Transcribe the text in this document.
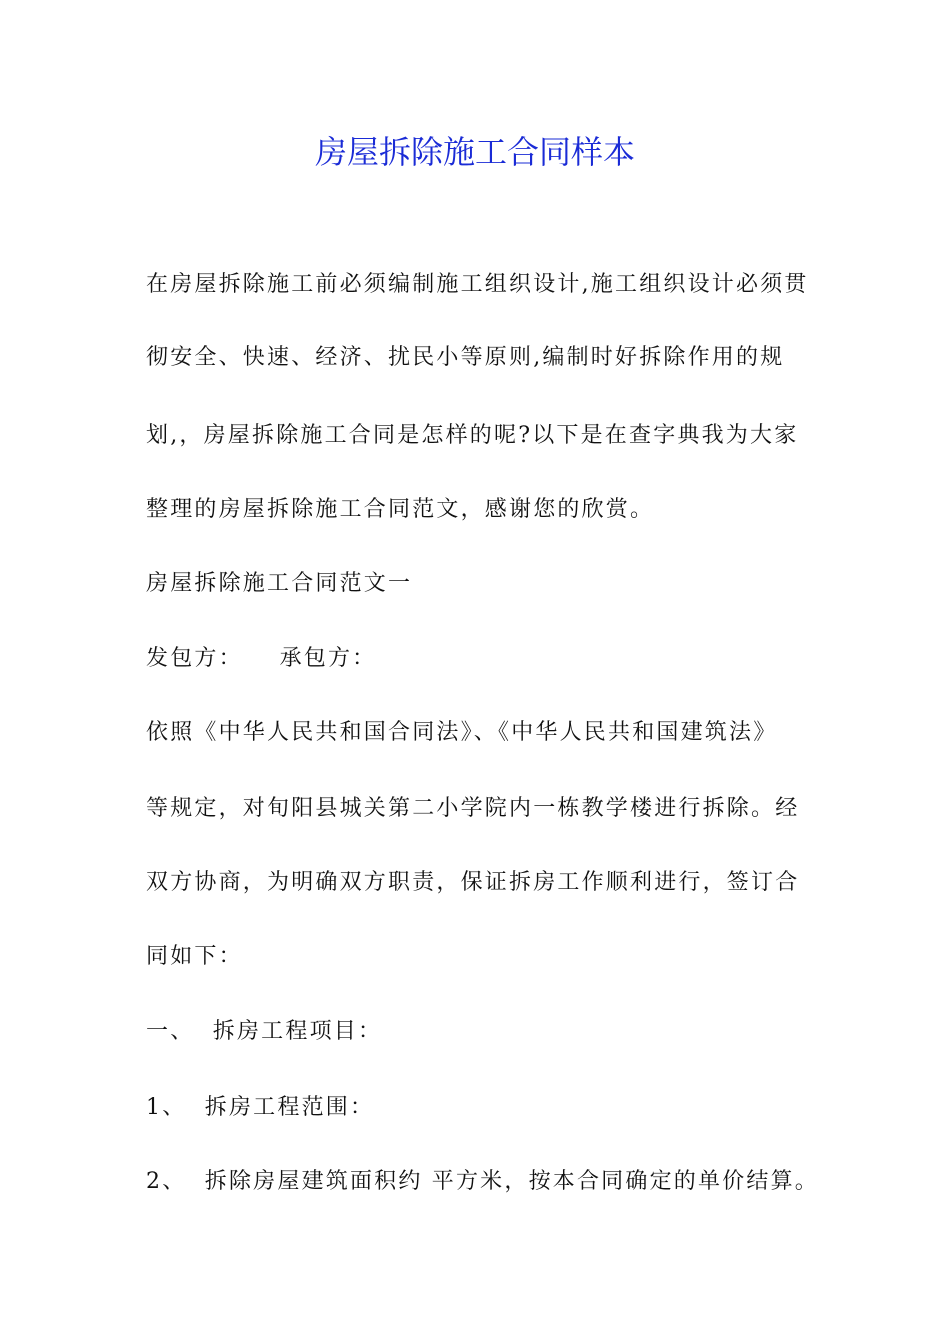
房屋拆除施工合同样本
在房屋拆除施工前必须编制施工组织设计,施工组织设计必须贯
彻安全、快速、经济、扰民小等原则,编制时好拆除作用的规
划,，房屋拆除施工合同是怎样的呢?以下是在查字典我为大家
整理的房屋拆除施工合同范文，感谢您的欣赏。
房屋拆除施工合同范文一
发包方：    承包方：
依照《中华人民共和国合同法》、《中华人民共和国建筑法》
等规定，对旬阳县城关第二小学院内一栋教学楼进行拆除。经
双方协商，为明确双方职责，保证拆房工作顺利进行，签订合
同如下：
一、  拆房工程项目：
1、  拆房工程范围：
2、  拆除房屋建筑面积约 平方米，按本合同确定的单价结算。
